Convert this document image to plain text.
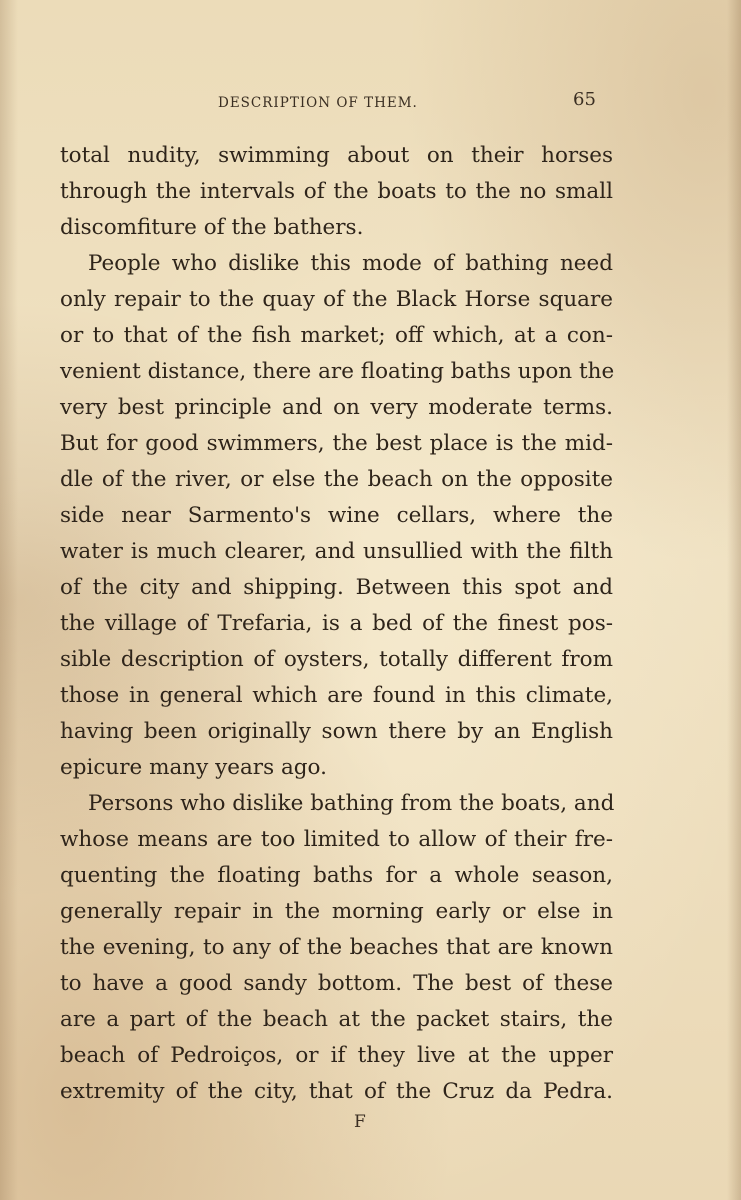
DESCRIPTION OF THEM.	65
total nudity, swimming about on their horses
through the intervals of the boats to the no small
discomfiture of the bathers.
People who dislike this mode of bathing need
only repair to the quay of the Black Horse square
or to that of the fish market; off which, at a con-
venient distance, there are floating baths upon the
very best principle and on very moderate terms.
But for good swimmers, the best place is the mid-
dle of the river, or else the beach on the opposite
side near Sarmento's wine cellars, where the
water is much clearer, and unsullied with the filth
of the city and shipping. Between this spot and
the village of Trefaria, is a bed of the finest pos-
sible description of oysters, totally different from
those in general which are found in this climate,
having been originally sown there by an English
epicure many years ago.
Persons who dislike bathing from the boats, and
whose means are too limited to allow of their fre-
quenting the floating baths for a whole season,
generally repair in the morning early or else in
the evening, to any of the beaches that are known
to have a good sandy bottom. The best of these
are a part of the beach at the packet stairs, the
beach of Pedroiços, or if they live at the upper
extremity of the city, that of the Cruz da Pedra.
F
